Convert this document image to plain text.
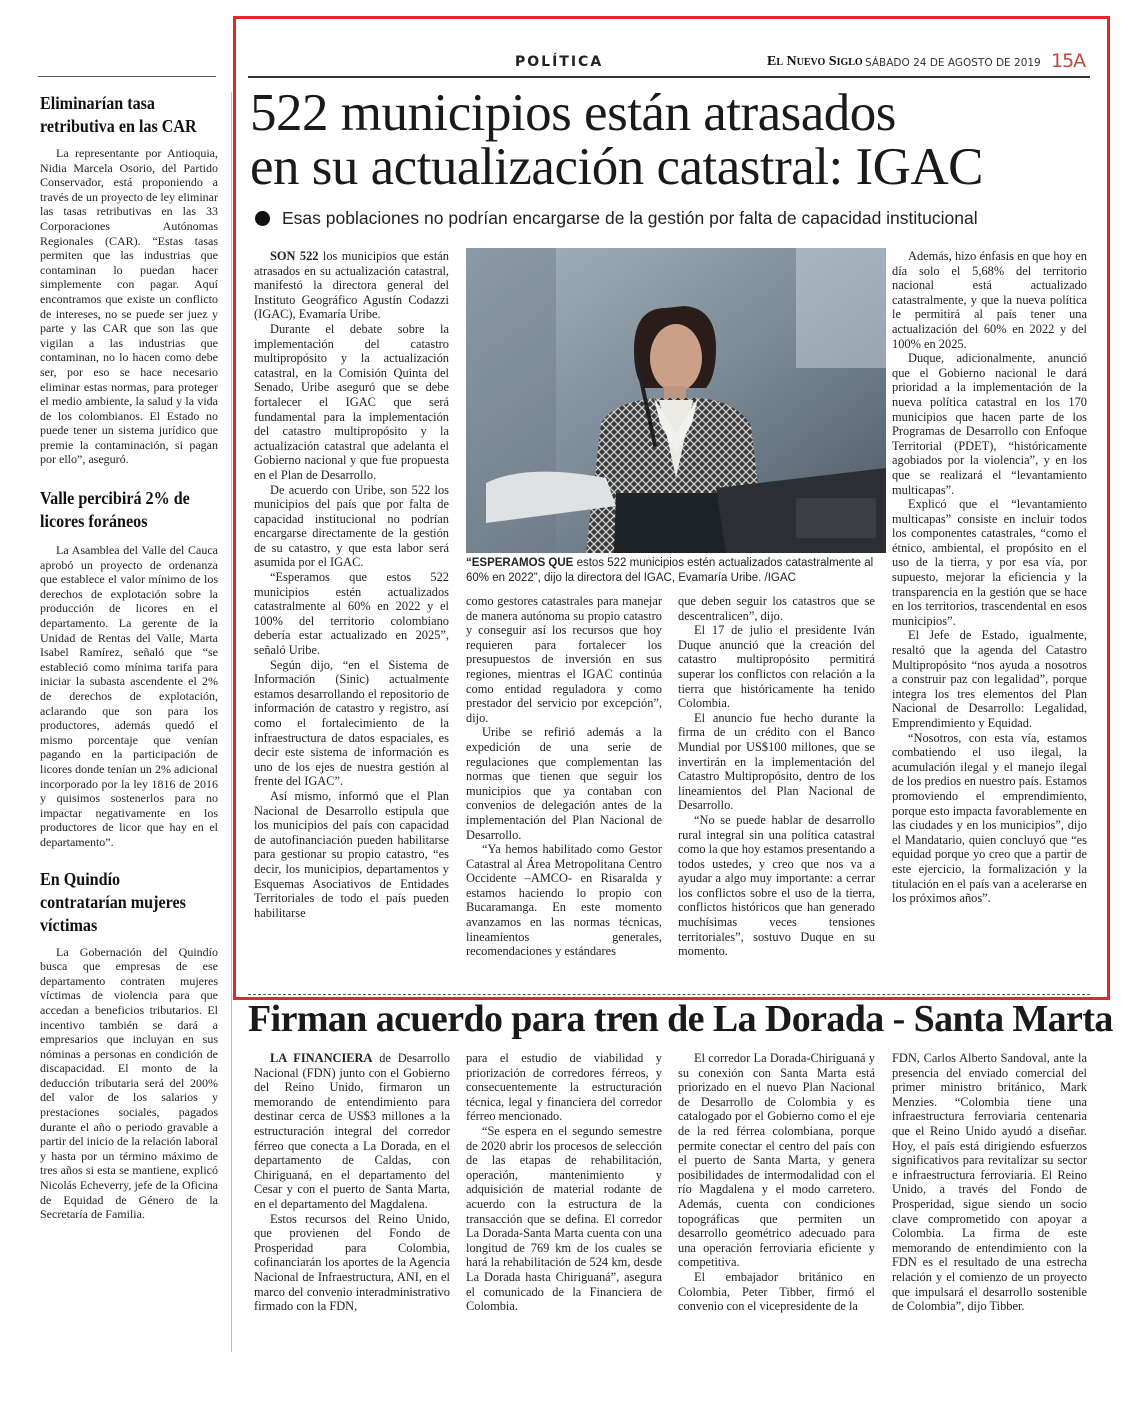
Eliminarían tasa retributiva en las CAR
La representante por Antioquia, Nidia Marcela Osorio, del Partido Conservador, está proponiendo a través de un proyecto de ley eliminar las tasas retributivas en las 33 Corporaciones Autónomas Regionales (CAR). “Estas tasas permiten que las industrias que contaminan lo puedan hacer simplemente con pagar. Aquí encontramos que existe un conflicto de intereses, no se puede ser juez y parte y las CAR que son las que vigilan a las industrias que contaminan, no lo hacen como debe ser, por eso se hace necesario eliminar estas normas, para proteger el medio ambiente, la salud y la vida de los colombianos. El Estado no puede tener un sistema jurídico que premie la contaminación, si pagan por ello”, aseguró.
Valle percibirá 2% de licores foráneos
La Asamblea del Valle del Cauca aprobó un proyecto de ordenanza que establece el valor mínimo de los derechos de explotación sobre la producción de licores en el departamento. La gerente de la Unidad de Rentas del Valle, Marta Isabel Ramírez, señaló que “se estableció como mínima tarifa para iniciar la subasta ascendente el 2% de derechos de explotación, aclarando que son para los productores, además quedó el mismo porcentaje que venían pagando en la participación de licores donde tenían un 2% adicional incorporado por la ley 1816 de 2016 y quisimos sostenerlos para no impactar negativamente en los productores de licor que hay en el departamento”.
En Quindío contratarían mujeres víctimas
La Gobernación del Quindío busca que empresas de ese departamento contraten mujeres víctimas de violencia para que accedan a beneficios tributarios. El incentivo también se dará a empresarios que incluyan en sus nóminas a personas en condición de discapacidad. El monto de la deducción tributaria será del 200% del valor de los salarios y prestaciones sociales, pagados durante el año o periodo gravable a partir del inicio de la relación laboral y hasta por un término máximo de tres años si esta se mantiene, explicó Nicolás Echeverry, jefe de la Oficina de Equidad de Género de la Secretaría de Familia.
POLÍTICA	El Nuevo Siglo SÁBADO 24 DE AGOSTO DE 2019 15A
522 municipios están atrasados
en su actualización catastral: IGAC
Esas poblaciones no podrían encargarse de la gestión por falta de capacidad institucional

SON 522 los municipios que están atrasados en su actualización catastral, manifestó la directora general del Instituto Geográfico Agustín Codazzi (IGAC), Evamaría Uribe.

Durante el debate sobre la implementación del catastro multipropósito y la actualización catastral, en la Comisión Quinta del Senado, Uribe aseguró que se debe fortalecer el IGAC que será fundamental para la implementación del catastro multipropósito y la actualización catastral que adelanta el Gobierno nacional y que fue propuesta en el Plan de Desarrollo.

De acuerdo con Uribe, son 522 los municipios del país que por falta de capacidad institucional no podrían encargarse directamente de la gestión de su catastro, y que esta labor será asumida por el IGAC.

“Esperamos que estos 522 municipios estén actualizados catastralmente al 60% en 2022 y el 100% del territorio colombiano debería estar actualizado en 2025”, señaló Uribe.

Según dijo, “en el Sistema de Información (Sinic) actualmente estamos desarrollando el repositorio de información de catastro y registro, así como el fortalecimiento de la infraestructura de datos espaciales, es decir este sistema de información es uno de los ejes de nuestra gestión al frente del IGAC”.

Así mismo, informó que el Plan Nacional de Desarrollo estipula que los municipios del país con capacidad de autofinanciación pueden habilitarse para gestionar su propio catastro, “es decir, los municipios, departamentos y Esquemas Asociativos de Entidades Territoriales de todo el país pueden habilitarse

“ESPERAMOS QUE estos 522 municipios estén actualizados catastralmente al 60% en 2022”, dijo la directora del IGAC, Evamaría Uribe. /IGAC

como gestores catastrales para manejar de manera autónoma su propio catastro y conseguir así los recursos que hoy requieren para fortalecer los presupuestos de inversión en sus regiones, mientras el IGAC continúa como entidad reguladora y como prestador del servicio por excepción”, dijo.

Uribe se refirió además a la expedición de una serie de regulaciones que complementan las normas que tienen que seguir los municipios que ya contaban con convenios de delegación antes de la implementación del Plan Nacional de Desarrollo.

“Ya hemos habilitado como Gestor Catastral al Área Metropolitana Centro Occidente –AMCO- en Risaralda y estamos haciendo lo propio con Bucaramanga. En este momento avanzamos en las normas técnicas, lineamientos generales, recomendaciones y estándares

que deben seguir los catastros que se descentralicen”, dijo.

El 17 de julio el presidente Iván Duque anunció que la creación del catastro multipropósito permitirá superar los conflictos con relación a la tierra que históricamente ha tenido Colombia.

El anuncio fue hecho durante la firma de un crédito con el Banco Mundial por US$100 millones, que se invertirán en la implementación del Catastro Multipropósito, dentro de los lineamientos del Plan Nacional de Desarrollo.

“No se puede hablar de desarrollo rural integral sin una política catastral como la que hoy estamos presentando a todos ustedes, y creo que nos va a ayudar a algo muy importante: a cerrar los conflictos sobre el uso de la tierra, conflictos históricos que han generado muchísimas veces tensiones territoriales”, sostuvo Duque en su momento.

Además, hizo énfasis en que hoy en día solo el 5,68% del territorio nacional está actualizado catastralmente, y que la nueva política le permitirá al país tener una actualización del 60% en 2022 y del 100% en 2025.

Duque, adicionalmente, anunció que el Gobierno nacional le dará prioridad a la implementación de la nueva política catastral en los 170 municipios que hacen parte de los Programas de Desarrollo con Enfoque Territorial (PDET), “históricamente agobiados por la violencia”, y en los que se realizará el “levantamiento multicapas”.

Explicó que el “levantamiento multicapas” consiste en incluir todos los componentes catastrales, “como el étnico, ambiental, el propósito en el uso de la tierra, y por esa vía, por supuesto, mejorar la eficiencia y la transparencia en la gestión que se hace en los territorios, trascendental en esos municipios”.

El Jefe de Estado, igualmente, resaltó que la agenda del Catastro Multipropósito “nos ayuda a nosotros a construir paz con legalidad”, porque integra los tres elementos del Plan Nacional de Desarrollo: Legalidad, Emprendimiento y Equidad.

“Nosotros, con esta vía, estamos combatiendo el uso ilegal, la acumulación ilegal y el manejo ilegal de los predios en nuestro país. Estamos promoviendo el emprendimiento, porque esto impacta favorablemente en las ciudades y en los municipios”, dijo el Mandatario, quien concluyó que “es equidad porque yo creo que a partir de este ejercicio, la formalización y la titulación en el país van a acelerarse en los próximos años”.

Firman acuerdo para tren de La Dorada - Santa Marta

LA FINANCIERA de Desarrollo Nacional (FDN) junto con el Gobierno del Reino Unido, firmaron un memorando de entendimiento para destinar cerca de US$3 millones a la estructuración integral del corredor férreo que conecta a La Dorada, en el departamento de Caldas, con Chiriguaná, en el departamento del Cesar y con el puerto de Santa Marta, en el departamento del Magdalena.

Estos recursos del Reino Unido, que provienen del Fondo de Prosperidad para Colombia, cofinanciarán los aportes de la Agencia Nacional de Infraestructura, ANI, en el marco del convenio interadministrativo firmado con la FDN,

para el estudio de viabilidad y priorización de corredores férreos, y consecuentemente la estructuración técnica, legal y financiera del corredor férreo mencionado.

“Se espera en el segundo semestre de 2020 abrir los procesos de selección de las etapas de rehabilitación, operación, mantenimiento y adquisición de material rodante de acuerdo con la estructura de la transacción que se defina. El corredor La Dorada-Santa Marta cuenta con una longitud de 769 km de los cuales se hará la rehabilitación de 524 km, desde La Dorada hasta Chiriguaná”, asegura el comunicado de la Financiera de Colombia.

El corredor La Dorada-Chiriguaná y su conexión con Santa Marta está priorizado en el nuevo Plan Nacional de Desarrollo de Colombia y es catalogado por el Gobierno como el eje de la red férrea colombiana, porque permite conectar el centro del país con el puerto de Santa Marta, y genera posibilidades de intermodalidad con el río Magdalena y el modo carretero. Además, cuenta con condiciones topográficas que permiten un desarrollo geométrico adecuado para una operación ferroviaria eficiente y competitiva.

El embajador británico en Colombia, Peter Tibber, firmó el convenio con el vicepresidente de la

FDN, Carlos Alberto Sandoval, ante la presencia del enviado comercial del primer ministro británico, Mark Menzies. “Colombia tiene una infraestructura ferroviaria centenaria que el Reino Unido ayudó a diseñar. Hoy, el país está dirigiendo esfuerzos significativos para revitalizar su sector e infraestructura ferroviaria. El Reino Unido, a través del Fondo de Prosperidad, sigue siendo un socio clave comprometido con apoyar a Colombia. La firma de este memorando de entendimiento con la FDN es el resultado de una estrecha relación y el comienzo de un proyecto que impulsará el desarrollo sostenible de Colombia”, dijo Tibber.
